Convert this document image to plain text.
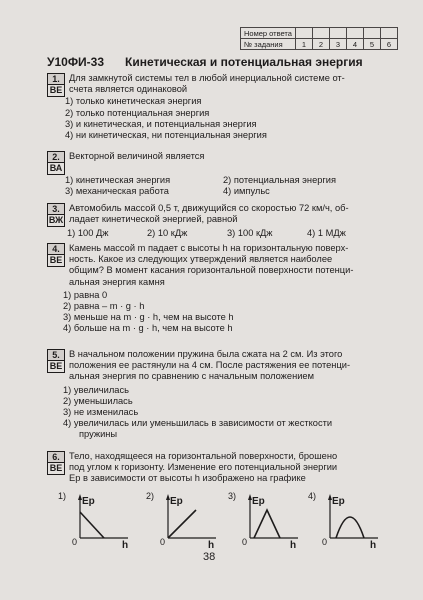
Номер ответа						
№ задания	1	2	3	4	5	6
У10ФИ-33 Кинетическая и потенциальная энергия
1.
ВЕ
Для замкнутой системы тел в любой инерциальной системе от-
счета является одинаковой
1) только кинетическая энергия
2) только потенциальная энергия
3) и кинетическая, и потенциальная энергия
4) ни кинетическая, ни потенциальная энергия
2.
ВА
Векторной величиной является
1) кинетическая энергия	2) потенциальная энергия
3) механическая работа	4) импульс
3.
ВЖ
Автомобиль массой 0,5 т, движущийся со скоростью 72 км/ч, об-
ладает кинетической энергией, равной
1) 100 Дж	2) 10 кДж	3) 100 кДж	4) 1 МДж
4.
ВЕ
Камень массой m падает с высоты h на горизонтальную поверх-
ность. Какое из следующих утверждений является наиболее
общим? В момент касания горизонтальной поверхности потенци-
альная энергия камня
1) равна 0
2) равна – m · g · h
3) меньше на m · g · h, чем на высоте h
4) больше на m · g · h, чем на высоте h
5.
ВЕ
В начальном положении пружина была сжата на 2 см. Из этого
положения ее растянули на 4 см. После растяжения ее потенци-
альная энергия по сравнению с начальным положением
1) увеличилась
2) уменьшилась
3) не изменилась
4) увеличилась или уменьшилась в зависимости от жесткости
пружины
6.
ВЕ
Тело, находящееся на горизонтальной поверхности, брошено
под углом к горизонту. Изменение его потенциальной энергии
Ep в зависимости от высоты h изображено на графике
1) Ep
h
0
2) Ep
h
0
3) Ep
h
0
4) Ep
h
0
38
